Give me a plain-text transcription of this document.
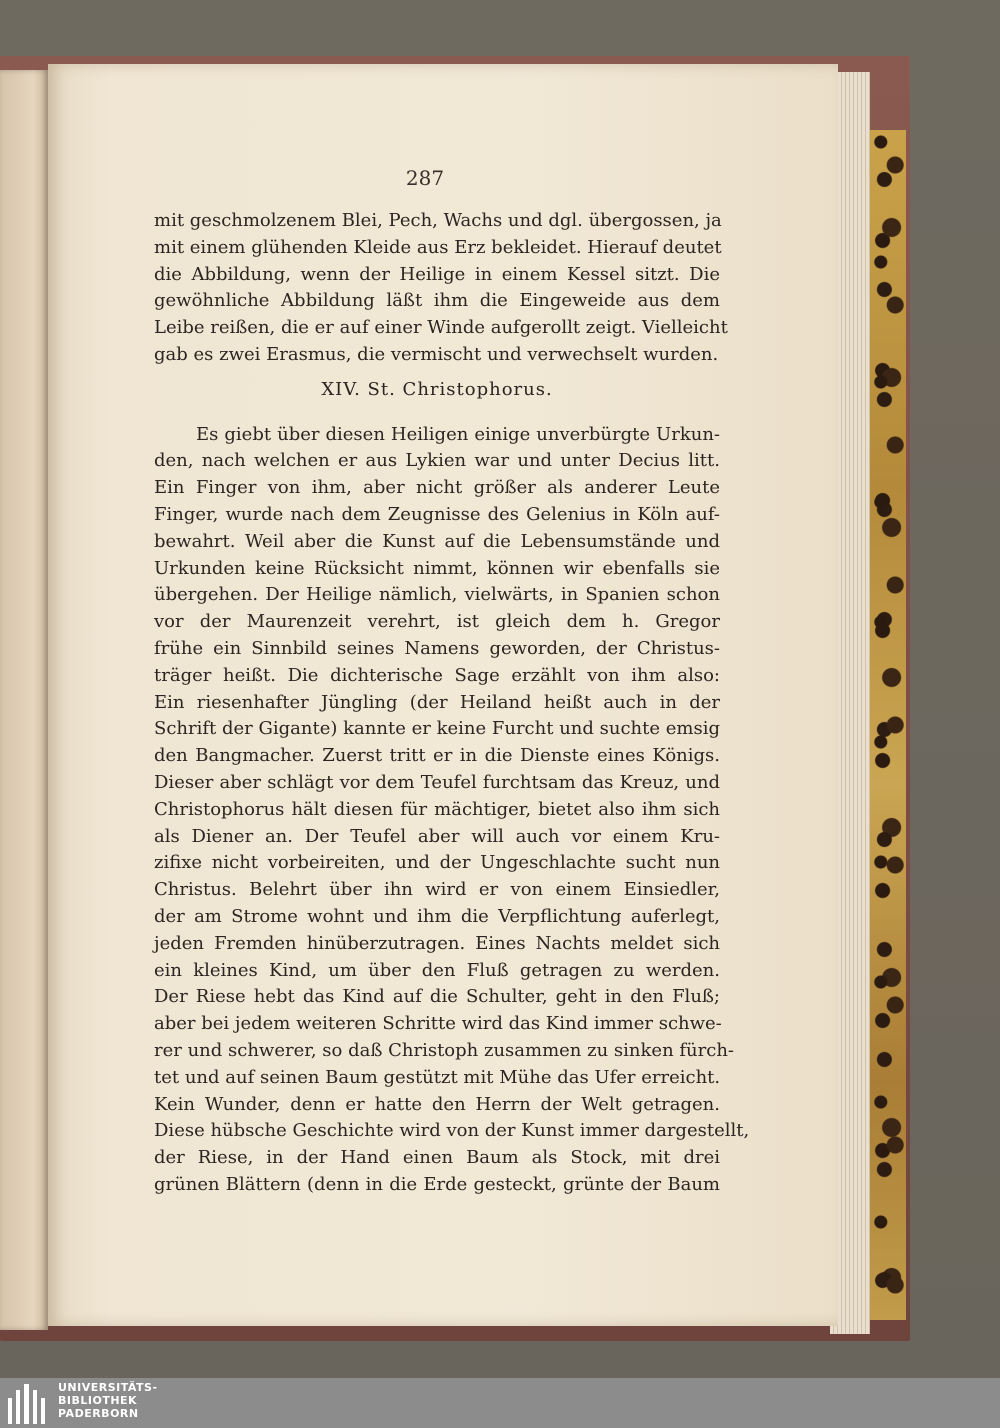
287
mit geschmolzenem Blei, Pech, Wachs und dgl. übergossen, ja
mit einem glühenden Kleide aus Erz bekleidet. Hierauf deutet
die Abbildung, wenn der Heilige in einem Kessel sitzt. Die
gewöhnliche Abbildung läßt ihm die Eingeweide aus dem
Leibe reißen, die er auf einer Winde aufgerollt zeigt. Vielleicht
gab es zwei Erasmus, die vermischt und verwechselt wurden.
XIV. St. Christophorus.
Es giebt über diesen Heiligen einige unverbürgte Urkun-
den, nach welchen er aus Lykien war und unter Decius litt.
Ein Finger von ihm, aber nicht größer als anderer Leute
Finger, wurde nach dem Zeugnisse des Gelenius in Köln auf-
bewahrt. Weil aber die Kunst auf die Lebensumstände und
Urkunden keine Rücksicht nimmt, können wir ebenfalls sie
übergehen. Der Heilige nämlich, vielwärts, in Spanien schon
vor der Maurenzeit verehrt, ist gleich dem h. Gregor
frühe ein Sinnbild seines Namens geworden, der Christus-
träger heißt. Die dichterische Sage erzählt von ihm also:
Ein riesenhafter Jüngling (der Heiland heißt auch in der
Schrift der Gigante) kannte er keine Furcht und suchte emsig
den Bangmacher. Zuerst tritt er in die Dienste eines Königs.
Dieser aber schlägt vor dem Teufel furchtsam das Kreuz, und
Christophorus hält diesen für mächtiger, bietet also ihm sich
als Diener an. Der Teufel aber will auch vor einem Kru-
zifixe nicht vorbeireiten, und der Ungeschlachte sucht nun
Christus. Belehrt über ihn wird er von einem Einsiedler,
der am Strome wohnt und ihm die Verpflichtung auferlegt,
jeden Fremden hinüberzutragen. Eines Nachts meldet sich
ein kleines Kind, um über den Fluß getragen zu werden.
Der Riese hebt das Kind auf die Schulter, geht in den Fluß;
aber bei jedem weiteren Schritte wird das Kind immer schwe-
rer und schwerer, so daß Christoph zusammen zu sinken fürch-
tet und auf seinen Baum gestützt mit Mühe das Ufer erreicht.
Kein Wunder, denn er hatte den Herrn der Welt getragen.
Diese hübsche Geschichte wird von der Kunst immer dargestellt,
der Riese, in der Hand einen Baum als Stock, mit drei
grünen Blättern (denn in die Erde gesteckt, grünte der Baum
UNIVERSITÄTS-
BIBLIOTHEK
PADERBORN
